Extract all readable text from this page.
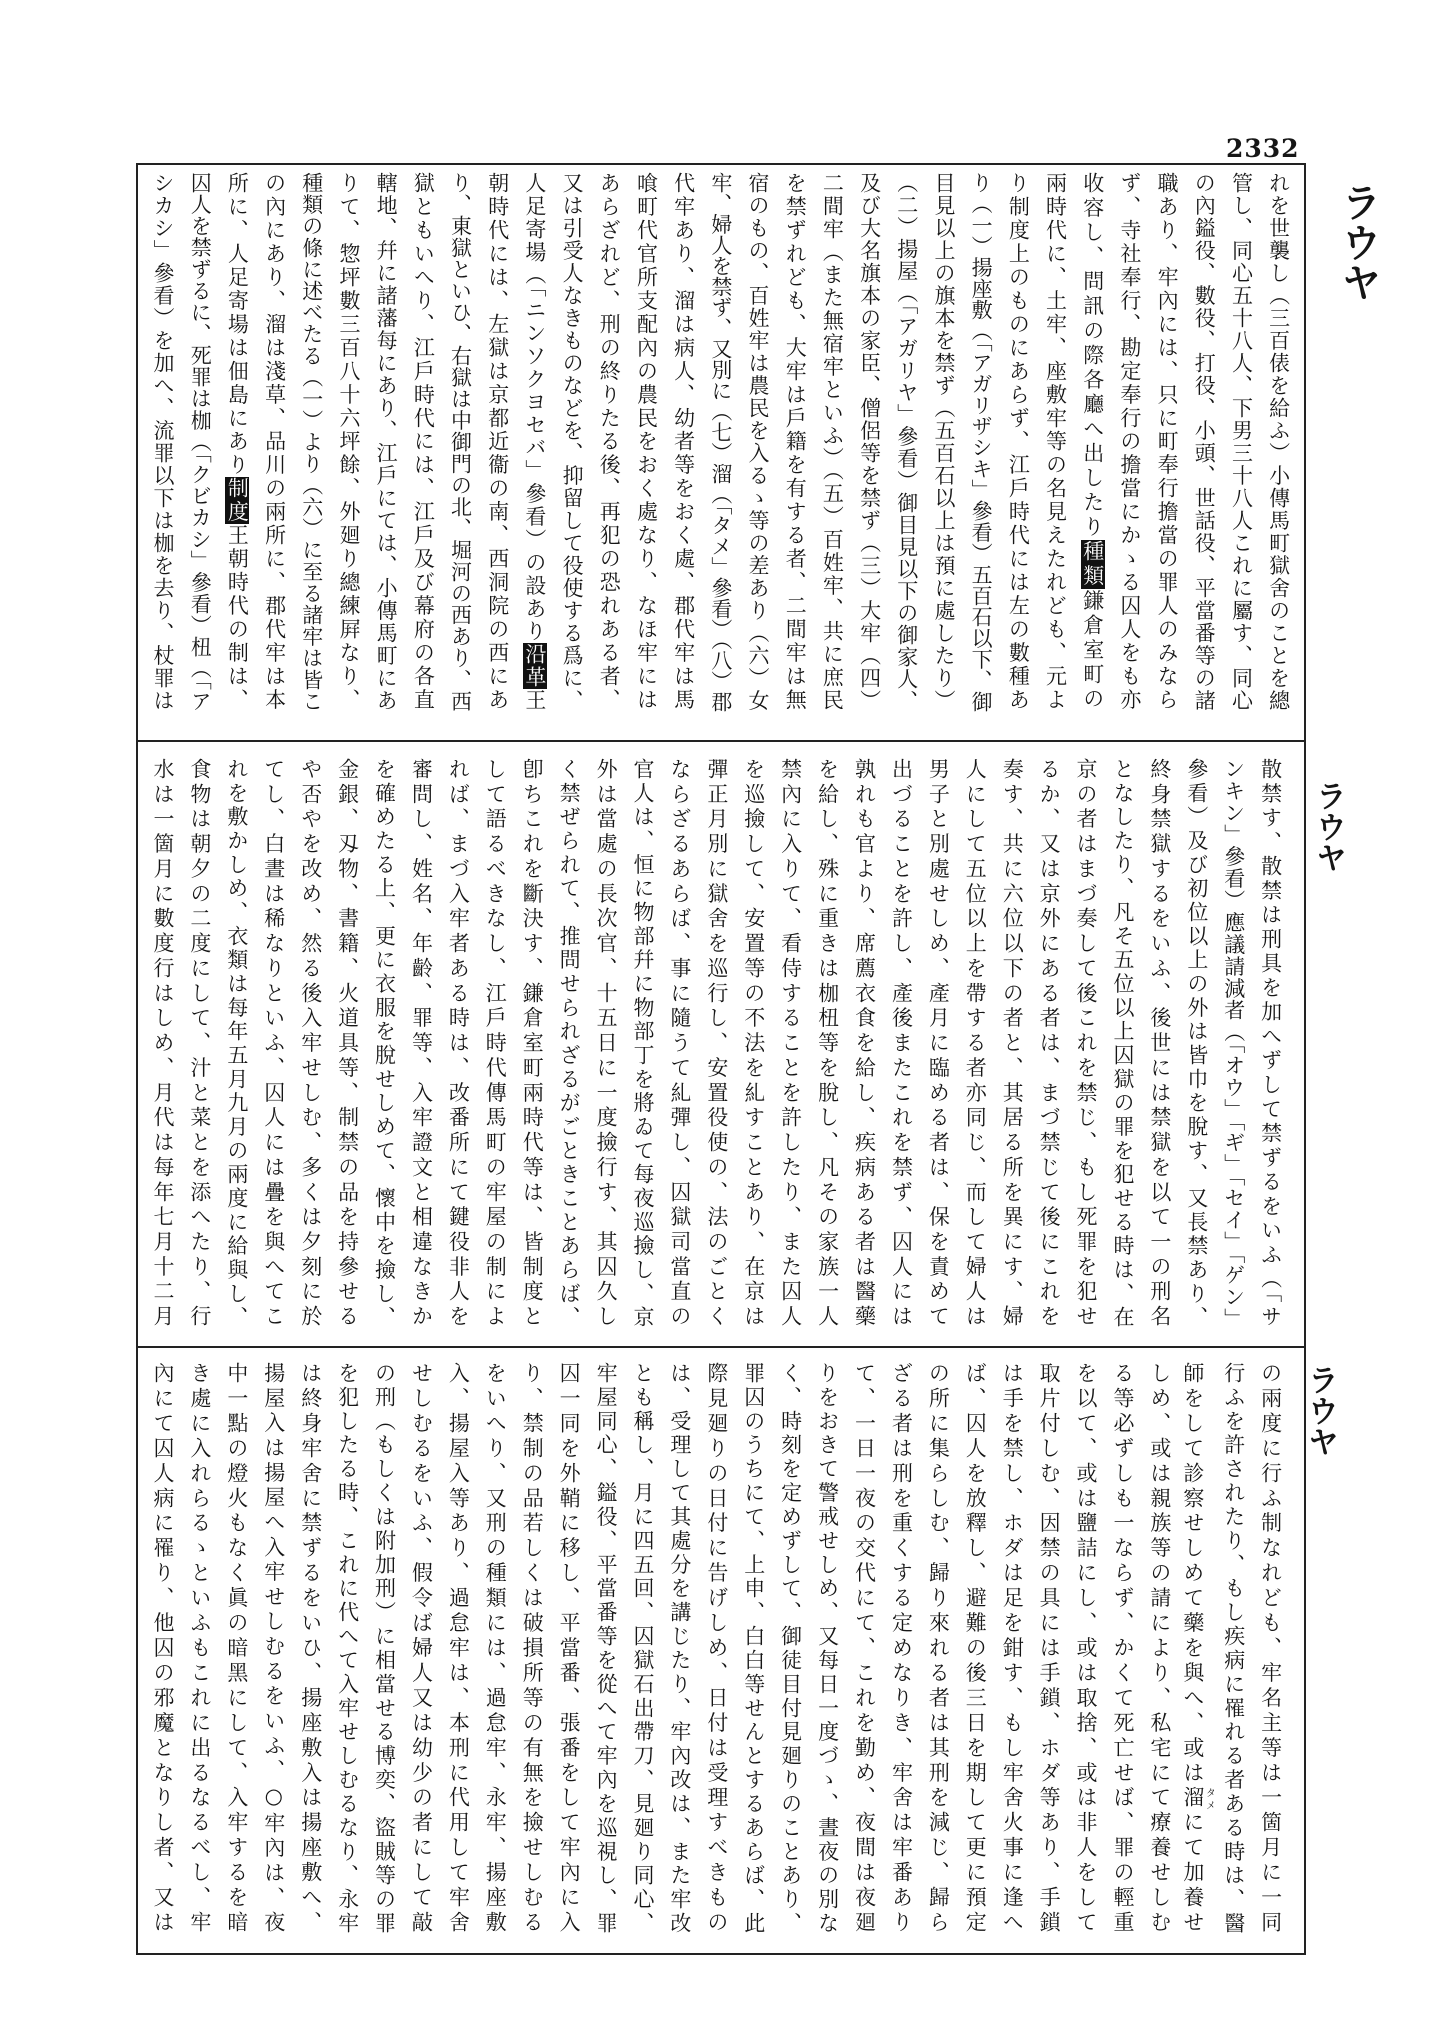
2332
ラウヤ
ラウヤ
ラウヤ
れを世襲し（三百俵を給ふ）小傳馬町獄舍のことを總
管し、同心五十八人、下男三十八人これに屬す、同心
の內鎰役、數役、打役、小頭、世話役、平當番等の諸
職あり、牢內には、只に町奉行擔當の罪人のみなら
ず、寺社奉行、勘定奉行の擔當にかゝる囚人をも亦
收容し、問訊の際各廳へ出したり種類鎌倉室町の
兩時代に、土牢、座敷牢等の名見えたれども、元よ
り制度上のものにあらず、江戶時代には左の數種あ
り（一）揚座敷（「アガリザシキ」參看）五百石以下、御
目見以上の旗本を禁ず（五百石以上は預に處したり）
（二）揚屋（「アガリヤ」參看）御目見以下の御家人、
及び大名旗本の家臣、僧侶等を禁ず（三）大牢（四）
二間牢（また無宿牢といふ）（五）百姓牢、共に庶民
を禁ずれども、大牢は戶籍を有する者、二間牢は無
宿のもの、百姓牢は農民を入るゝ等の差あり（六）女
牢、婦人を禁ず、又別に（七）溜（「タメ」參看）（八）郡
代牢あり、溜は病人、幼者等をおく處、郡代牢は馬
喰町代官所支配內の農民をおく處なり、なほ牢には
あらざれど、刑の終りたる後、再犯の恐れある者、
又は引受人なきものなどを、抑留して役使する爲に、
人足寄場（「ニンソクヨセバ」參看）の設あり沿革王
朝時代には、左獄は京都近衞の南、西洞院の西にあ
り、東獄といひ、右獄は中御門の北、堀河の西あり、西
獄ともいへり、江戶時代には、江戶及び幕府の各直
轄地、幷に諸藩每にあり、江戶にては、小傳馬町にあ
りて、惣坪數三百八十六坪餘、外廻り總練屛なり、
種類の條に述べたる（一）より（六）に至る諸牢は皆こ
の內にあり、溜は淺草、品川の兩所に、郡代牢は本
所に、人足寄場は佃島にあり制度王朝時代の制は、
囚人を禁ずるに、死罪は枷（「クビカシ」參看）杻（「ア
シカシ」參看）を加へ、流罪以下は枷を去り、杖罪は
散禁す、散禁は刑具を加へずして禁ずるをいふ（「サ
ンキン」參看）應議請減者（「オウ」「ギ」「セイ」「ゲン」
參看）及び初位以上の外は皆巾を脫す、又長禁あり、
終身禁獄するをいふ、後世には禁獄を以て一の刑名
となしたり、凡そ五位以上囚獄の罪を犯せる時は、在
京の者はまづ奏して後これを禁じ、もし死罪を犯せ
るか、又は京外にある者は、まづ禁じて後にこれを
奏す、共に六位以下の者と、其居る所を異にす、婦
人にして五位以上を帶する者亦同じ、而して婦人は
男子と別處せしめ、產月に臨める者は、保を責めて
出づることを許し、產後またこれを禁ず、囚人には
孰れも官より、席薦衣食を給し、疾病ある者は醫藥
を給し、殊に重きは枷杻等を脫し、凡その家族一人
禁內に入りて、看侍することを許したり、また囚人
を巡撿して、安置等の不法を糺すことあり、在京は
彈正月別に獄舍を巡行し、安置役使の、法のごとく
ならざるあらば、事に隨うて糺彈し、囚獄司當直の
官人は、恒に物部幷に物部丁を將ゐて每夜巡撿し、京
外は當處の長次官、十五日に一度撿行す、其囚久し
く禁ぜられて、推問せられざるがごときことあらば、
卽ちこれを斷決す、鎌倉室町兩時代等は、皆制度と
して語るべきなし、江戶時代傳馬町の牢屋の制によ
れば、まづ入牢者ある時は、改番所にて鍵役非人を
審問し、姓名、年齡、罪等、入牢證文と相違なきか
を確めたる上、更に衣服を脫せしめて、懷中を撿し、
金銀、刄物、書籍、火道具等、制禁の品を持參せる
や否やを改め、然る後入牢せしむ、多くは夕刻に於
てし、白晝は稀なりといふ、囚人には疊を與へてこ
れを敷かしめ、衣類は每年五月九月の兩度に給與し、
食物は朝夕の二度にして、汁と菜とを添へたり、行
水は一箇月に數度行はしめ、月代は每年七月十二月
の兩度に行ふ制なれども、牢名主等は一箇月に一同
行ふを許されたり、もし疾病に罹れる者ある時は、醫
師をして診察せしめて藥を與へ、或は溜タメにて加養せ
しめ、或は親族等の請により、私宅にて療養せしむ
る等必ずしも一ならず、かくて死亡せば、罪の輕重
を以て、或は鹽詰にし、或は取捨、或は非人をして
取片付しむ、因禁の具には手鎖、ホダ等あり、手鎖
は手を禁し、ホダは足を鉗す、もし牢舍火事に逢へ
ば、囚人を放釋し、避難の後三日を期して更に預定
の所に集らしむ、歸り來れる者は其刑を減じ、歸ら
ざる者は刑を重くする定めなりき、牢舍は牢番あり
て、一日一夜の交代にて、これを勤め、夜間は夜廻
りをおきて警戒せしめ、又每日一度づゝ、晝夜の別な
く、時刻を定めずして、御徒目付見廻りのことあり、
罪囚のうちにて、上申、白白等せんとするあらば、此
際見廻りの日付に告げしめ、日付は受理すべきもの
は、受理して其處分を講じたり、牢內改は、また牢改
とも稱し、月に四五回、囚獄石出帶刀、見廻り同心、
牢屋同心、鎰役、平當番等を從へて牢內を巡視し、罪
囚一同を外鞘に移し、平當番、張番をして牢內に入
り、禁制の品若しくは破損所等の有無を撿せしむる
をいへり、又刑の種類には、過怠牢、永牢、揚座敷
入、揚屋入等あり、過怠牢は、本刑に代用して牢舍
せしむるをいふ、假令ば婦人又は幼少の者にして敲
の刑（もしくは附加刑）に相當せる博奕、盜賊等の罪
を犯したる時、これに代へて入牢せしむるなり、永牢
は終身牢舍に禁ずるをいひ、揚座敷入は揚座敷へ、
揚屋入は揚屋へ入牢せしむるをいふ、○牢內は、夜
中一點の燈火もなく眞の暗黑にして、入牢するを暗
き處に入れらるゝといふもこれに出るなるべし、牢
內にて囚人病に罹り、他囚の邪魔となりし者、又は
